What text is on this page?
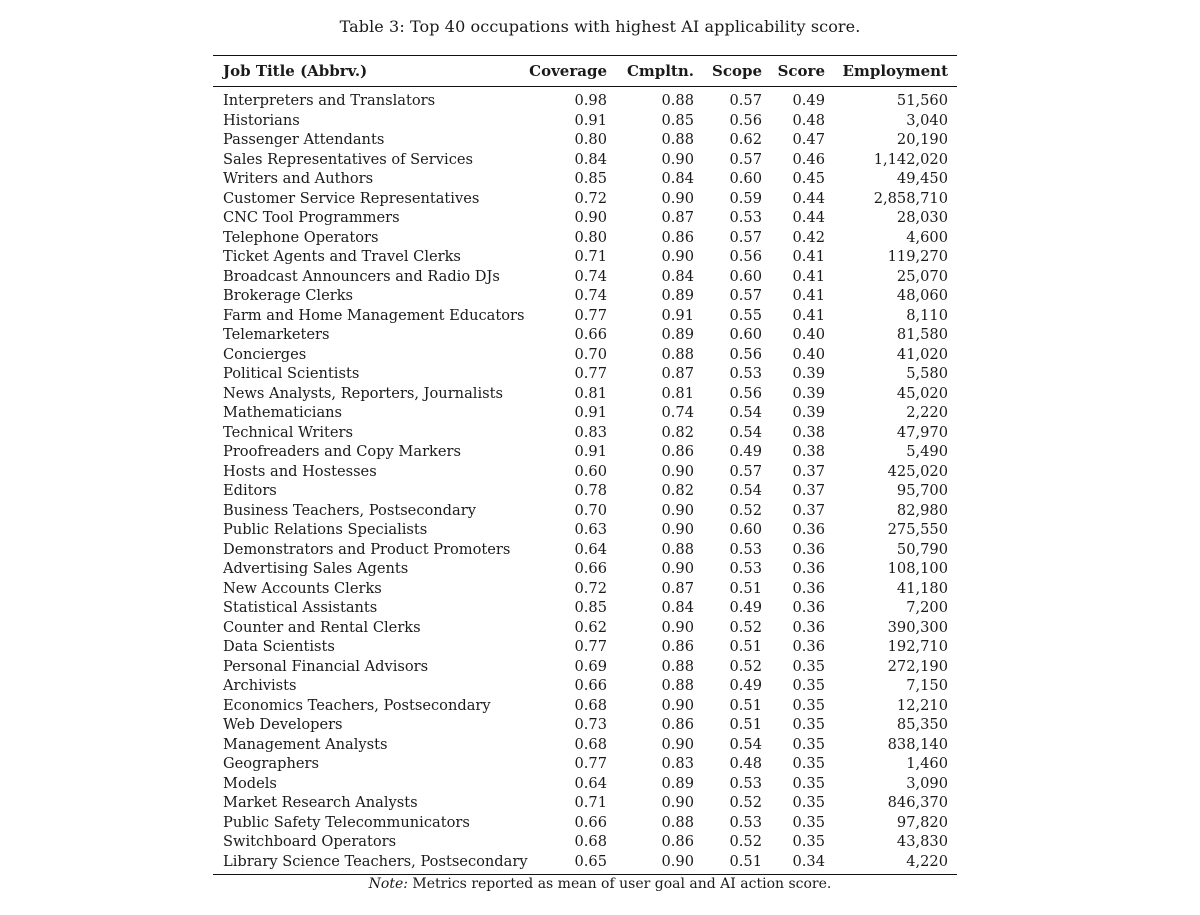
Table 3: Top 40 occupations with highest AI applicability score.
Job Title (Abbrv.)	Coverage	Cmpltn.	Scope	Score	Employment
Interpreters and Translators	0.98	0.88	0.57	0.49	51,560
Historians	0.91	0.85	0.56	0.48	3,040
Passenger Attendants	0.80	0.88	0.62	0.47	20,190
Sales Representatives of Services	0.84	0.90	0.57	0.46	1,142,020
Writers and Authors	0.85	0.84	0.60	0.45	49,450
Customer Service Representatives	0.72	0.90	0.59	0.44	2,858,710
CNC Tool Programmers	0.90	0.87	0.53	0.44	28,030
Telephone Operators	0.80	0.86	0.57	0.42	4,600
Ticket Agents and Travel Clerks	0.71	0.90	0.56	0.41	119,270
Broadcast Announcers and Radio DJs	0.74	0.84	0.60	0.41	25,070
Brokerage Clerks	0.74	0.89	0.57	0.41	48,060
Farm and Home Management Educators	0.77	0.91	0.55	0.41	8,110
Telemarketers	0.66	0.89	0.60	0.40	81,580
Concierges	0.70	0.88	0.56	0.40	41,020
Political Scientists	0.77	0.87	0.53	0.39	5,580
News Analysts, Reporters, Journalists	0.81	0.81	0.56	0.39	45,020
Mathematicians	0.91	0.74	0.54	0.39	2,220
Technical Writers	0.83	0.82	0.54	0.38	47,970
Proofreaders and Copy Markers	0.91	0.86	0.49	0.38	5,490
Hosts and Hostesses	0.60	0.90	0.57	0.37	425,020
Editors	0.78	0.82	0.54	0.37	95,700
Business Teachers, Postsecondary	0.70	0.90	0.52	0.37	82,980
Public Relations Specialists	0.63	0.90	0.60	0.36	275,550
Demonstrators and Product Promoters	0.64	0.88	0.53	0.36	50,790
Advertising Sales Agents	0.66	0.90	0.53	0.36	108,100
New Accounts Clerks	0.72	0.87	0.51	0.36	41,180
Statistical Assistants	0.85	0.84	0.49	0.36	7,200
Counter and Rental Clerks	0.62	0.90	0.52	0.36	390,300
Data Scientists	0.77	0.86	0.51	0.36	192,710
Personal Financial Advisors	0.69	0.88	0.52	0.35	272,190
Archivists	0.66	0.88	0.49	0.35	7,150
Economics Teachers, Postsecondary	0.68	0.90	0.51	0.35	12,210
Web Developers	0.73	0.86	0.51	0.35	85,350
Management Analysts	0.68	0.90	0.54	0.35	838,140
Geographers	0.77	0.83	0.48	0.35	1,460
Models	0.64	0.89	0.53	0.35	3,090
Market Research Analysts	0.71	0.90	0.52	0.35	846,370
Public Safety Telecommunicators	0.66	0.88	0.53	0.35	97,820
Switchboard Operators	0.68	0.86	0.52	0.35	43,830
Library Science Teachers, Postsecondary	0.65	0.90	0.51	0.34	4,220
Note: Metrics reported as mean of user goal and AI action score.
